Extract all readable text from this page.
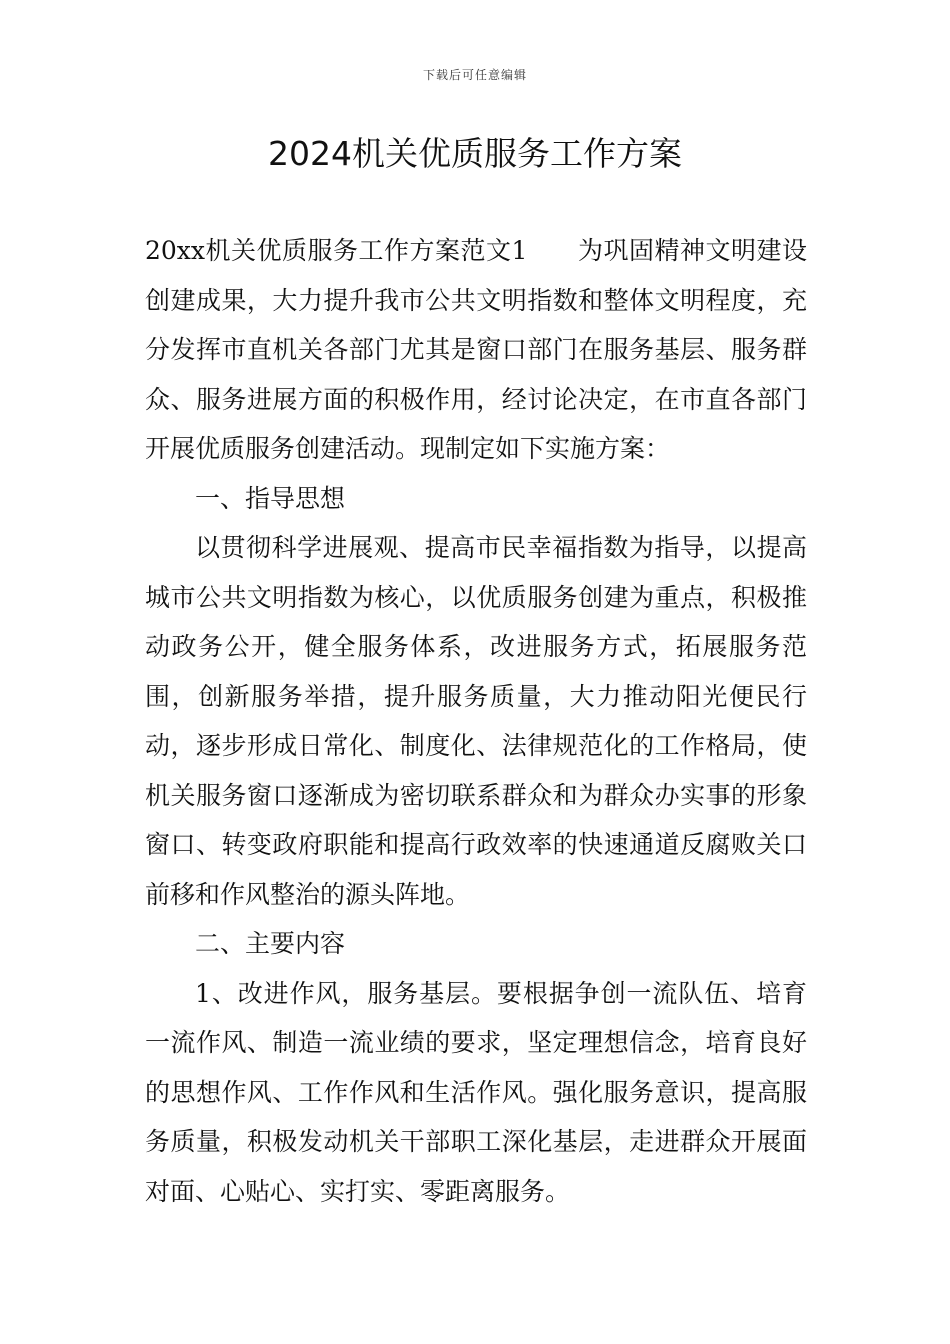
下载后可任意编辑
2024机关优质服务工作方案

20xx机关优质服务工作方案范文1 为巩固精神文明建设创建成果，大力提升我市公共文明指数和整体文明程度，充分发挥市直机关各部门尤其是窗口部门在服务基层、服务群众、服务进展方面的积极作用，经讨论决定，在市直各部门开展优质服务创建活动。现制定如下实施方案：

一、指导思想

以贯彻科学进展观、提高市民幸福指数为指导，以提高城市公共文明指数为核心，以优质服务创建为重点，积极推动政务公开，健全服务体系，改进服务方式，拓展服务范围，创新服务举措，提升服务质量，大力推动阳光便民行动，逐步形成日常化、制度化、法律规范化的工作格局，使机关服务窗口逐渐成为密切联系群众和为群众办实事的形象窗口、转变政府职能和提高行政效率的快速通道反腐败关口前移和作风整治的源头阵地。

二、主要内容

1、改进作风，服务基层。要根据争创一流队伍、培育一流作风、制造一流业绩的要求，坚定理想信念，培育良好的思想作风、工作作风和生活作风。强化服务意识，提高服务质量，积极发动机关干部职工深化基层，走进群众开展面对面、心贴心、实打实、零距离服务。
